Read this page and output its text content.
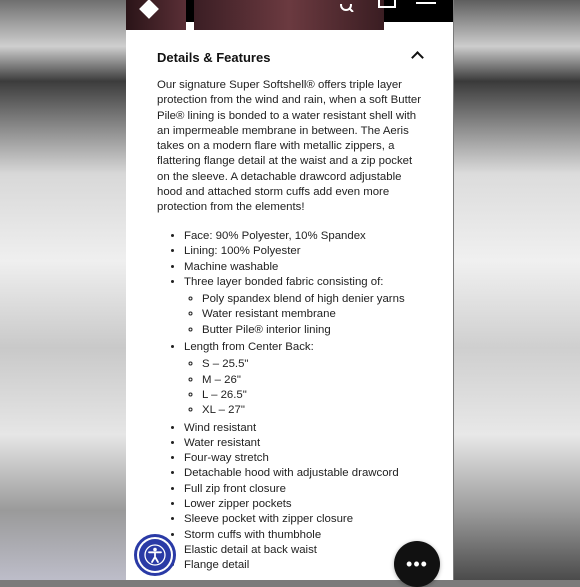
Details & Features
Our signature Super Softshell® offers triple layer protection from the wind and rain, when a soft Butter Pile® lining is bonded to a water resistant shell with an impermeable membrane in between. The Aeris takes on a modern flare with metallic zippers, a flattering flange detail at the waist and a zip pocket on the sleeve. A detachable drawcord adjustable hood and attached storm cuffs add even more protection from the elements!
• Face: 90% Polyester, 10% Spandex
• Lining: 100% Polyester
• Machine washable
• Three layer bonded fabric consisting of:
◦ Poly spandex blend of high denier yarns
◦ Water resistant membrane
◦ Butter Pile® interior lining
• Length from Center Back:
◦ S – 25.5"
◦ M – 26"
◦ L – 26.5"
◦ XL – 27"
• Wind resistant
• Water resistant
• Four-way stretch
• Detachable hood with adjustable drawcord
• Full zip front closure
• Lower zipper pockets
• Sleeve pocket with zipper closure
• Storm cuffs with thumbhole
• Elastic detail at back waist
• Flange detail	•••
